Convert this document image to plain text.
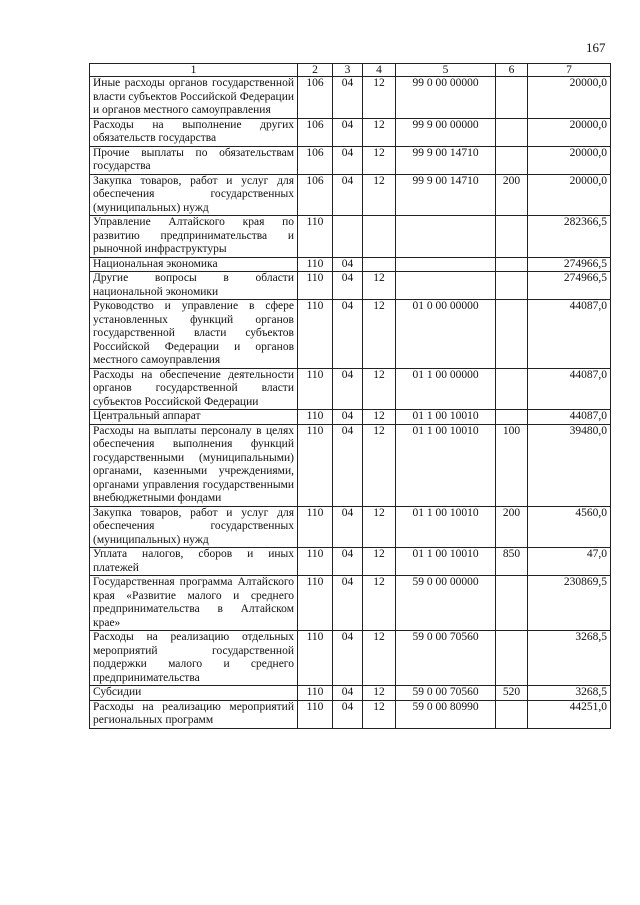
167
1	2	3	4	5	6	7
Иные расходы органов государственной власти субъектов Российской Федерации и органов местного самоуправления	106	04	12	99 0 00 00000		20000,0
Расходы на выполнение других обязательств государства	106	04	12	99 9 00 00000		20000,0
Прочие выплаты по обязательствам государства	106	04	12	99 9 00 14710		20000,0
Закупка товаров, работ и услуг для обеспечения государственных (муниципальных) нужд	106	04	12	99 9 00 14710	200	20000,0
Управление Алтайского края по развитию предпринимательства и рыночной инфраструктуры	110					282366,5
Национальная экономика	110	04				274966,5
Другие вопросы в области национальной экономики	110	04	12			274966,5
Руководство и управление в сфере установленных функций органов государственной власти субъектов Российской Федерации и органов местного самоуправления	110	04	12	01 0 00 00000		44087,0
Расходы на обеспечение деятельности органов государственной власти субъектов Российской Федерации	110	04	12	01 1 00 00000		44087,0
Центральный аппарат	110	04	12	01 1 00 10010		44087,0
Расходы на выплаты персоналу в целях обеспечения выполнения функций государственными (муниципальными) органами, казенными учреждениями, органами управления государственными внебюджетными фондами	110	04	12	01 1 00 10010	100	39480,0
Закупка товаров, работ и услуг для обеспечения государственных (муниципальных) нужд	110	04	12	01 1 00 10010	200	4560,0
Уплата налогов, сборов и иных платежей	110	04	12	01 1 00 10010	850	47,0
Государственная программа Алтайского края «Развитие малого и среднего предпринимательства в Алтайском крае»	110	04	12	59 0 00 00000		230869,5
Расходы на реализацию отдельных мероприятий государственной поддержки малого и среднего предпринимательства	110	04	12	59 0 00 70560		3268,5
Субсидии	110	04	12	59 0 00 70560	520	3268,5
Расходы на реализацию мероприятий региональных программ	110	04	12	59 0 00 80990		44251,0
